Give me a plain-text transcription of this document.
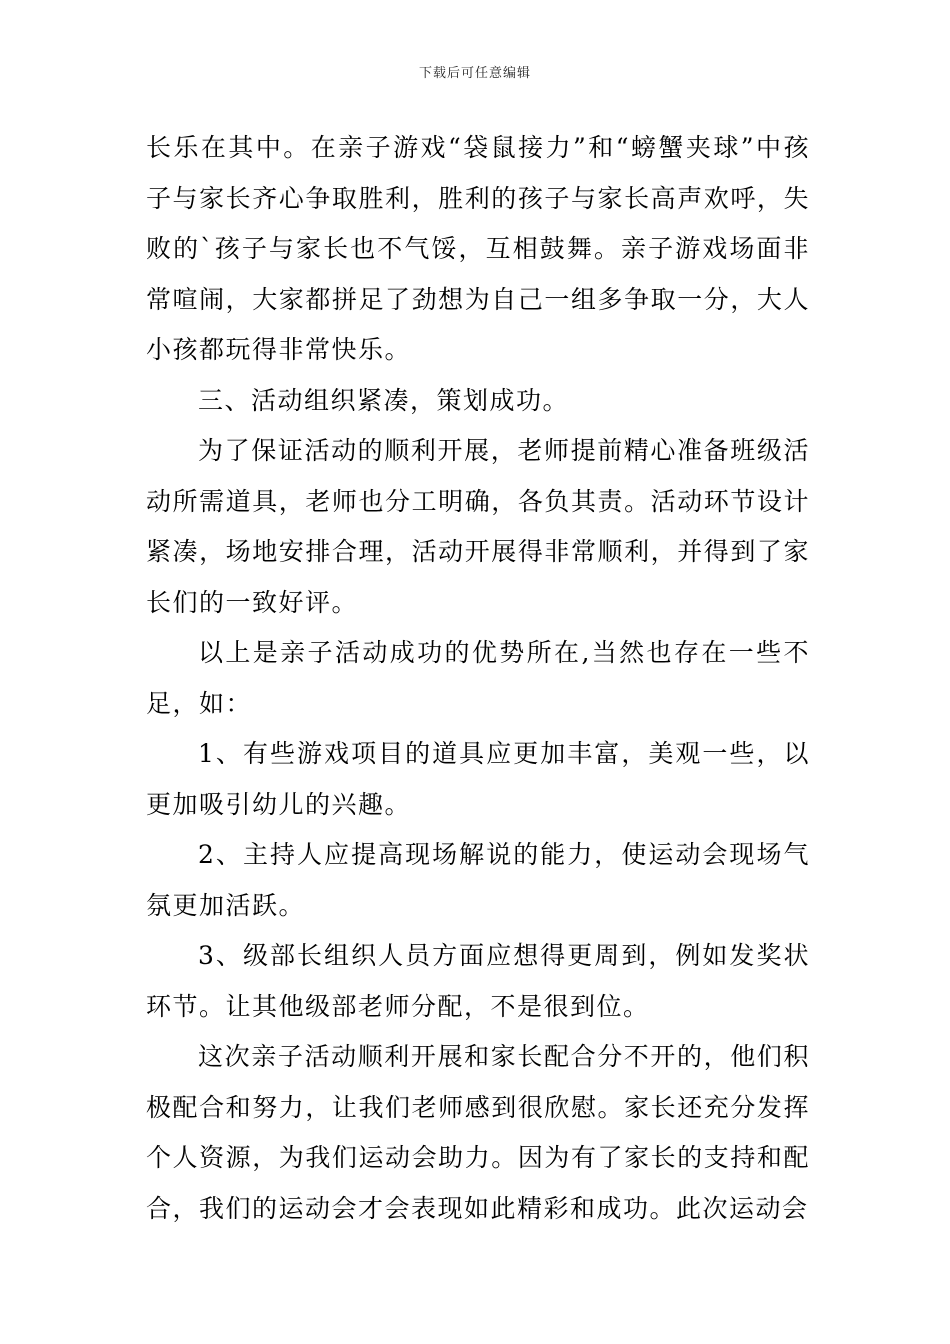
下载后可任意编辑

长乐在其中。在亲子游戏“袋鼠接力”和“螃蟹夹球”中孩子与家长齐心争取胜利，胜利的孩子与家长高声欢呼，失败的`孩子与家长也不气馁，互相鼓舞。亲子游戏场面非常喧闹，大家都拼足了劲想为自己一组多争取一分，大人小孩都玩得非常快乐。

三、活动组织紧凑，策划成功。

为了保证活动的顺利开展，老师提前精心准备班级活动所需道具，老师也分工明确，各负其责。活动环节设计紧凑，场地安排合理，活动开展得非常顺利，并得到了家长们的一致好评。

以上是亲子活动成功的优势所在,当然也存在一些不足，如：

1、有些游戏项目的道具应更加丰富，美观一些，以更加吸引幼儿的兴趣。

2、主持人应提高现场解说的能力，使运动会现场气氛更加活跃。

3、级部长组织人员方面应想得更周到，例如发奖状环节。让其他级部老师分配，不是很到位。

这次亲子活动顺利开展和家长配合分不开的，他们积极配合和努力，让我们老师感到很欣慰。家长还充分发挥个人资源，为我们运动会助力。因为有了家长的支持和配合，我们的运动会才会表现如此精彩和成功。此次运动会
